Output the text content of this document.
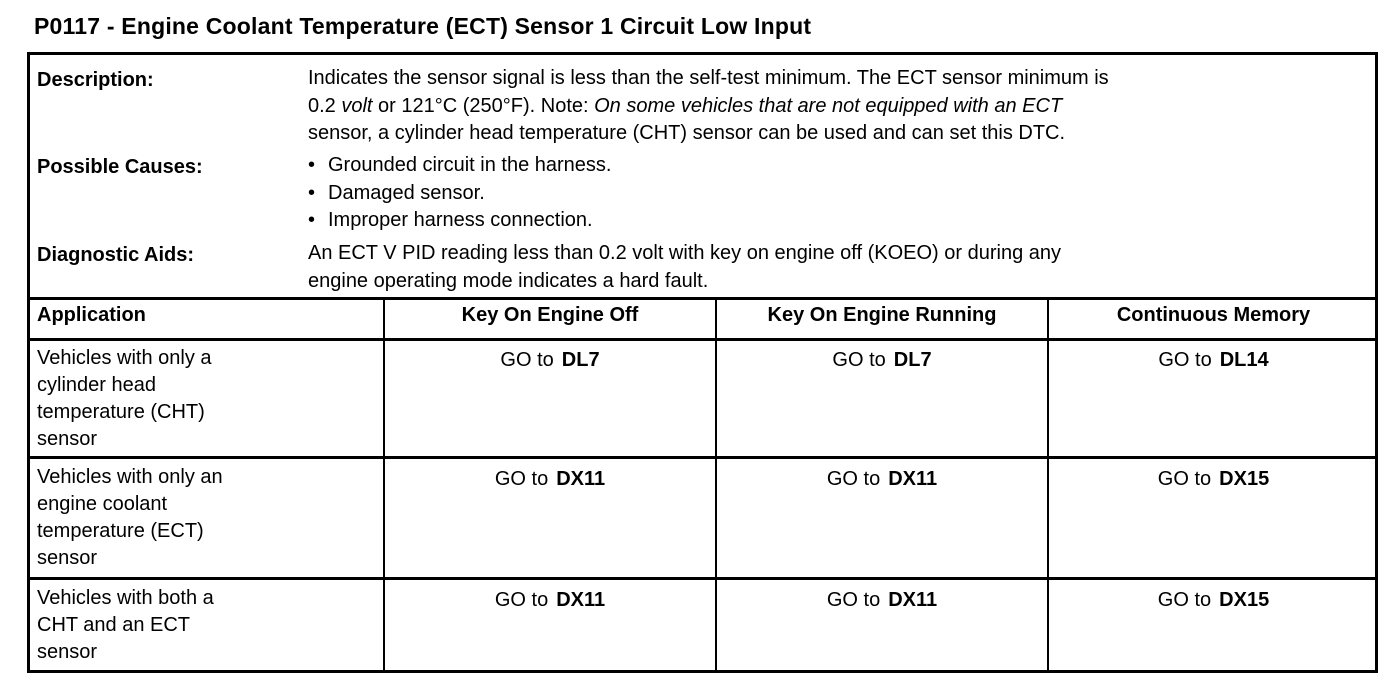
P0117 - Engine Coolant Temperature (ECT) Sensor 1 Circuit Low Input
Description:	Indicates the sensor signal is less than the self-test minimum. The ECT sensor minimum is
0.2 volt or 121°C (250°F). Note: On some vehicles that are not equipped with an ECT
sensor, a cylinder head temperature (CHT) sensor can be used and can set this DTC.
Possible Causes:
•	Grounded circuit in the harness.
• Damaged sensor.
• Improper harness connection.
Diagnostic Aids:	An ECT V PID reading less than 0.2 volt with key on engine off (KOEO) or during any
engine operating mode indicates a hard fault.
Application	Key On Engine Off	Key On Engine Running	Continuous Memory
Vehicles with only a
cylinder head
temperature (CHT)
sensor
GO to DL7	GO to DL7	GO to DL14
Vehicles with only an
engine coolant
temperature (ECT)
sensor
GO to DX11	GO to DX11	GO to DX15
Vehicles with both a
CHT and an ECT
sensor
GO to DX11	GO to DX11	GO to DX15
